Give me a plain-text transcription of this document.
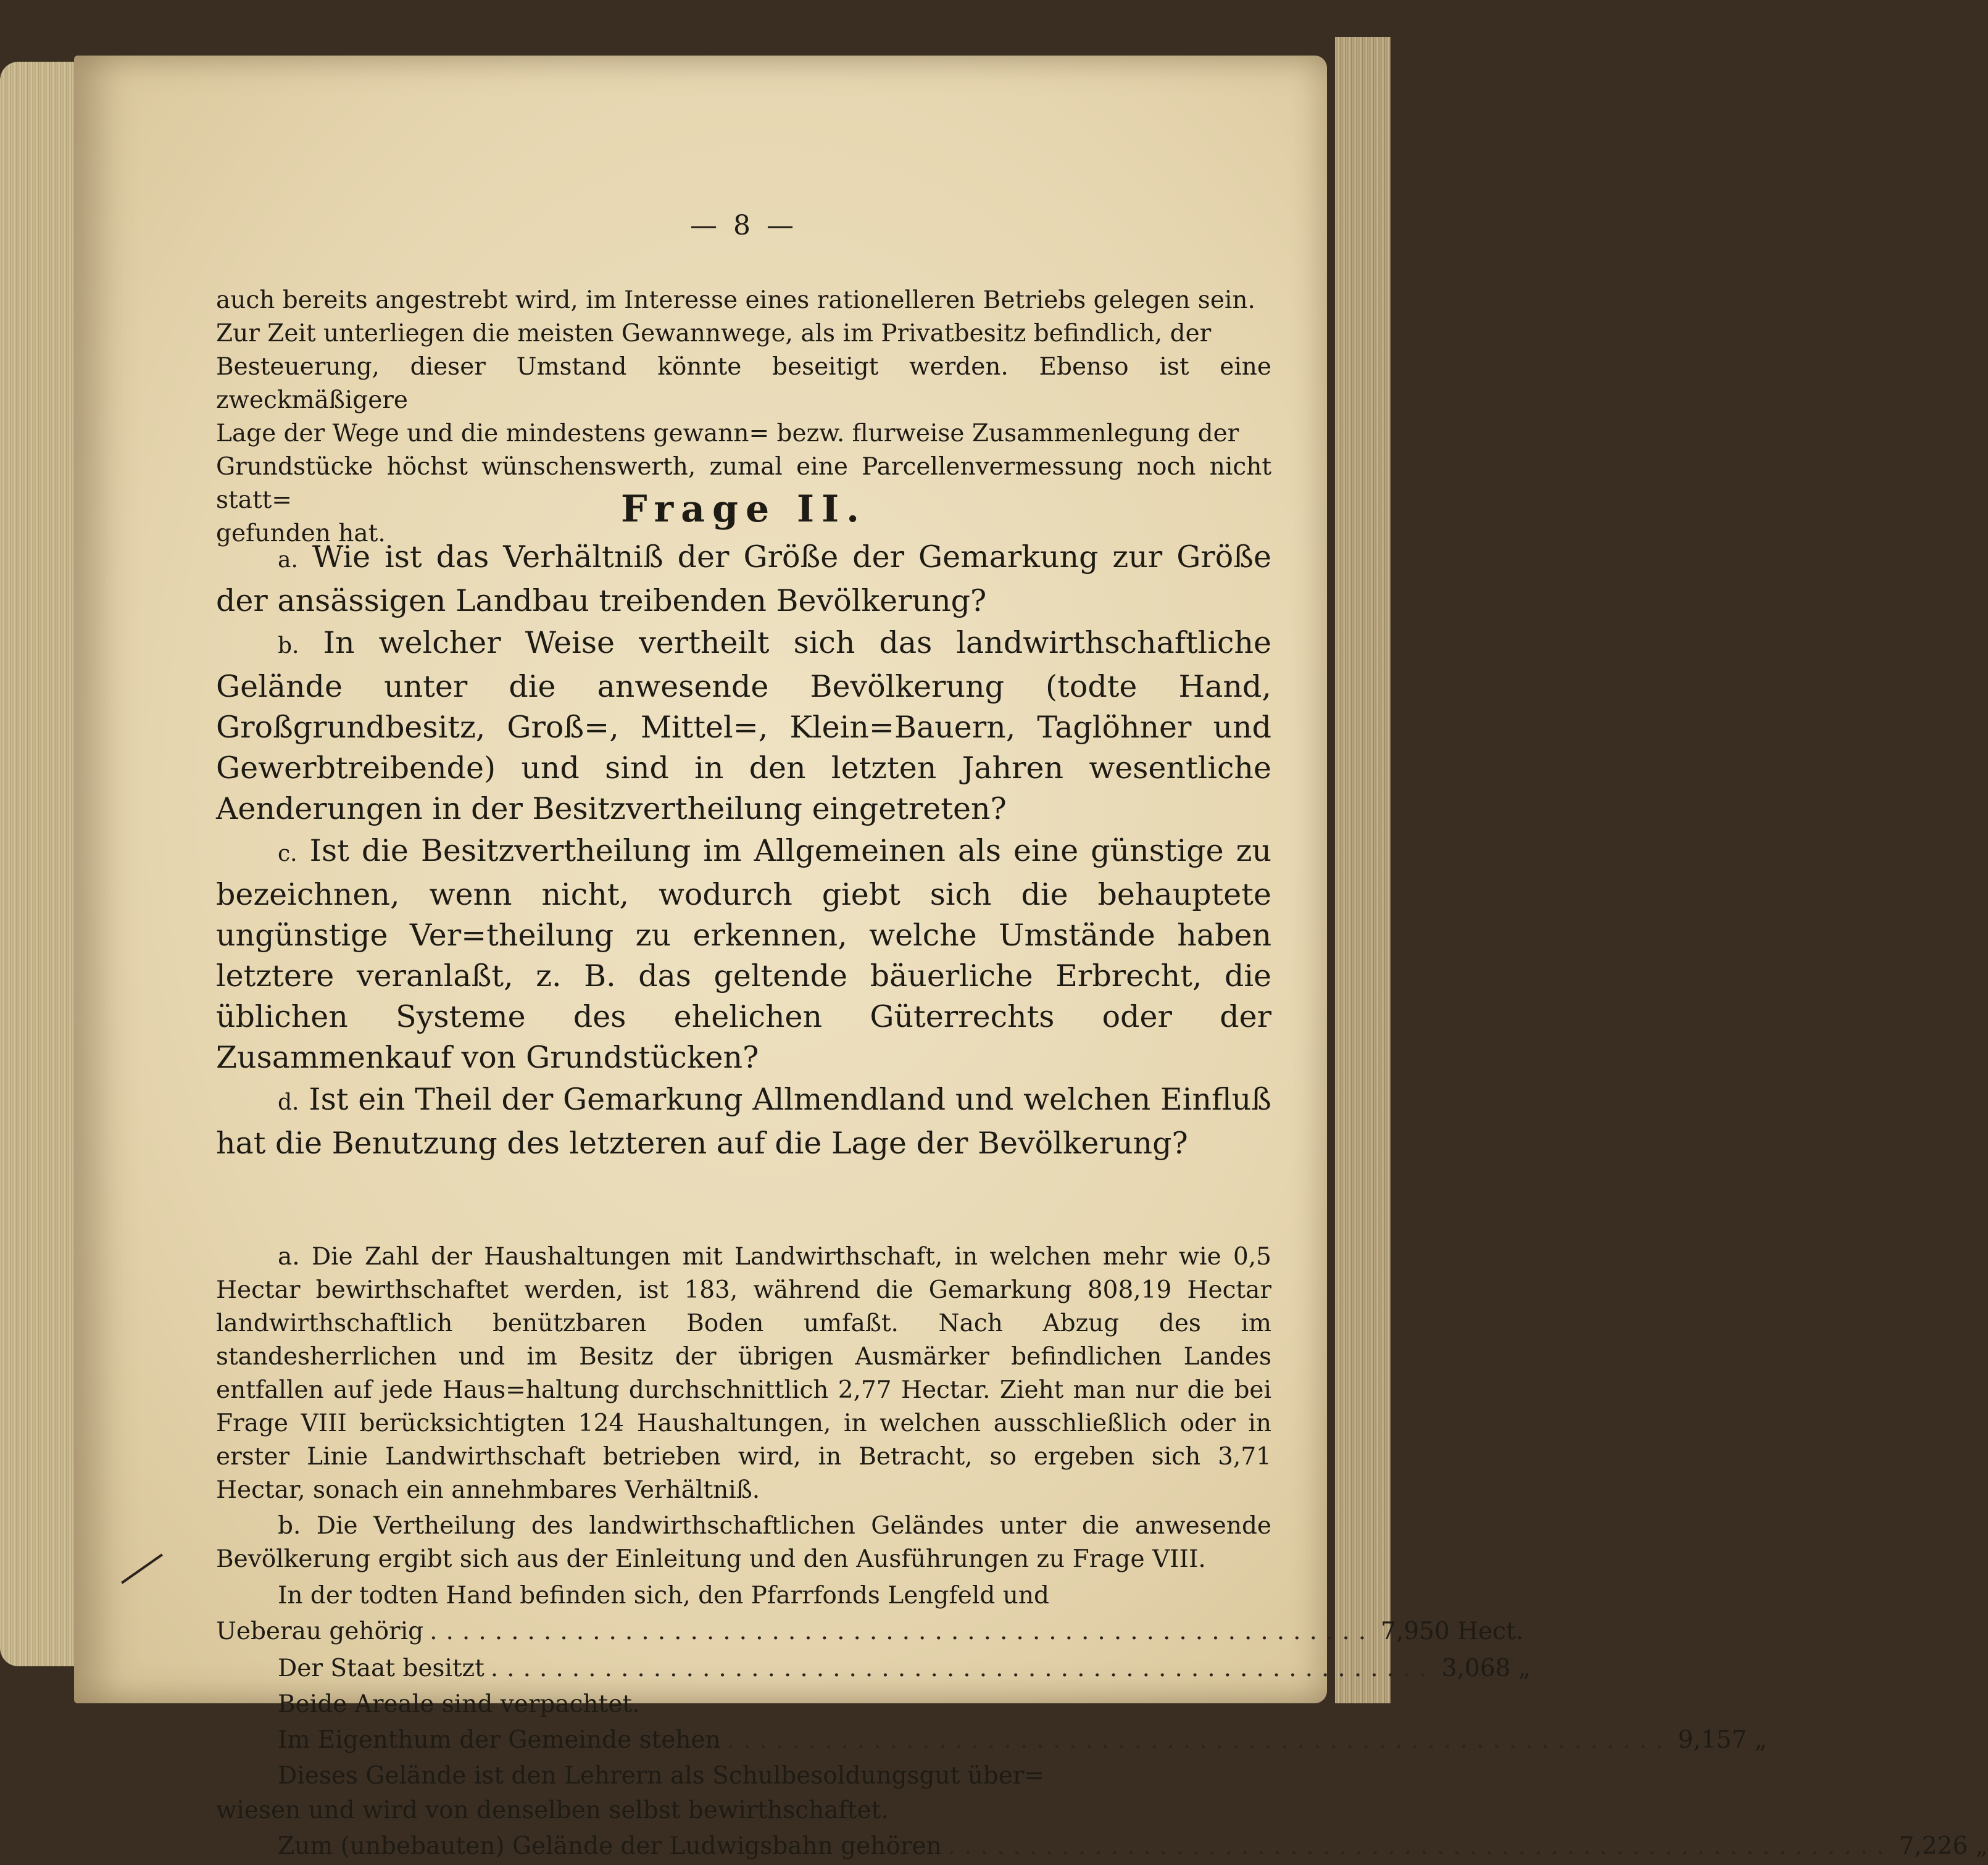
— 8 —
auch bereits angestrebt wird, im Interesse eines rationelleren Betriebs gelegen sein.
Zur Zeit unterliegen die meisten Gewannwege, als im Privatbesitz befindlich, der
Besteuerung, dieser Umstand könnte beseitigt werden. Ebenso ist eine zweckmäßigere
Lage der Wege und die mindestens gewann= bezw. flurweise Zusammenlegung der
Grundstücke höchst wünschenswerth, zumal eine Parcellenvermessung noch nicht statt=
gefunden hat.
Frage II.

a. Wie ist das Verhältniß der Größe der Gemarkung zur Größe der ansässigen Landbau treibenden Bevölkerung?

b. In welcher Weise vertheilt sich das landwirthschaftliche Gelände unter die anwesende Bevölkerung (todte Hand, Großgrundbesitz, Groß=, Mittel=, Klein=Bauern, Taglöhner und Gewerbtreibende) und sind in den letzten Jahren wesentliche Aenderungen in der Besitzvertheilung eingetreten?

c. Ist die Besitzvertheilung im Allgemeinen als eine günstige zu bezeichnen, wenn nicht, wodurch giebt sich die behauptete ungünstige Ver=theilung zu erkennen, welche Umstände haben letztere veranlaßt, z. B. das geltende bäuerliche Erbrecht, die üblichen Systeme des ehelichen Güterrechts oder der Zusammenkauf von Grundstücken?

d. Ist ein Theil der Gemarkung Allmendland und welchen Einfluß hat die Benutzung des letzteren auf die Lage der Bevölkerung?

a. Die Zahl der Haushaltungen mit Landwirthschaft, in welchen mehr wie 0,5 Hectar bewirthschaftet werden, ist 183, während die Gemarkung 808,19 Hectar landwirthschaftlich benützbaren Boden umfaßt. Nach Abzug des im standesherrlichen und im Besitz der übrigen Ausmärker befindlichen Landes entfallen auf jede Haus=haltung durchschnittlich 2,77 Hectar. Zieht man nur die bei Frage VIII berücksichtigten 124 Haushaltungen, in welchen ausschließlich oder in erster Linie Landwirthschaft betrieben wird, in Betracht, so ergeben sich 3,71 Hectar, sonach ein annehmbares Verhältniß.

b. Die Vertheilung des landwirthschaftlichen Geländes unter die anwesende Bevölkerung ergibt sich aus der Einleitung und den Ausführungen zu Frage VIII.

In der todten Hand befinden sich, den Pfarrfonds Lengfeld und
Ueberau gehörig .......................................................... 7,950 Hect.
Der Staat besitzt .......................................................... 3,068 „
Beide Areale sind verpachtet.
Im Eigenthum der Gemeinde stehen .......................................................... 9,157 „
Dieses Gelände ist den Lehrern als Schulbesoldungsgut über=
wiesen und wird von denselben selbst bewirthschaftet.
Zum (unbebauten) Gelände der Ludwigsbahn gehören .......................................................... 7,226 „
